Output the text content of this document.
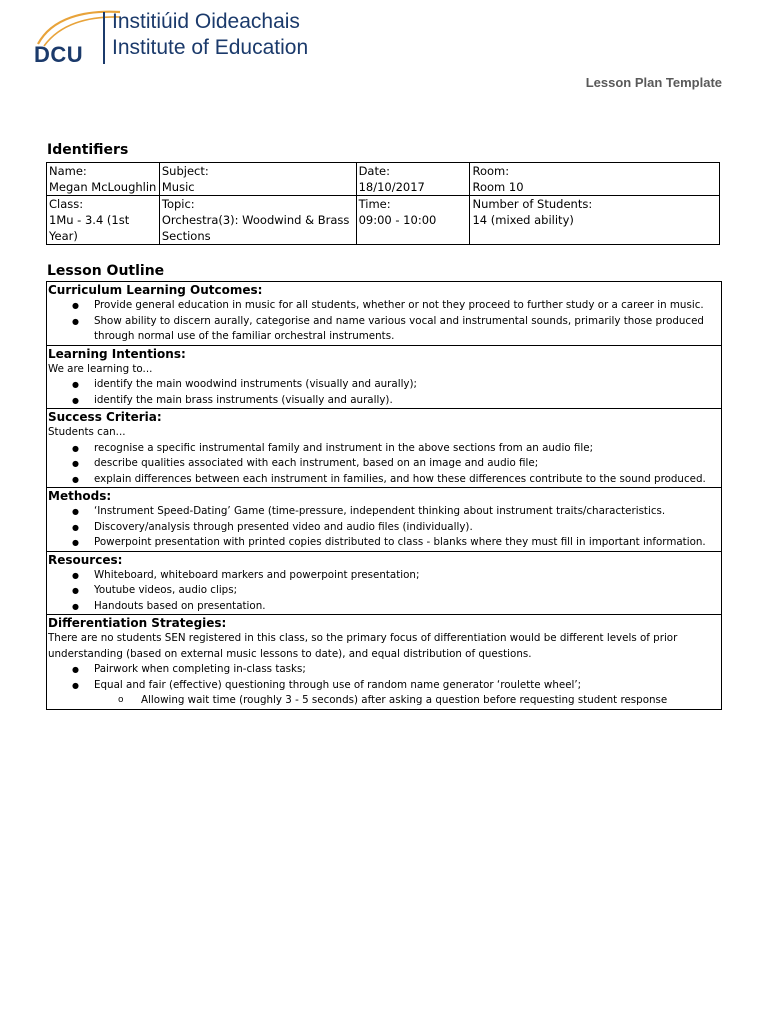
DCU
Institiúid Oideachais
Institute of Education
Lesson Plan Template
Identifiers
Name:
Megan McLoughlin	Subject:
Music	Date:
18/10/2017	Room:
Room 10

Class:
1Mu - 3.4 (1st Year)	Topic:
Orchestra(3): Woodwind & Brass Sections	Time:
09:00 - 10:00	Number of Students:
14 (mixed ability)
Lesson Outline
Curriculum Learning Outcomes:
● Provide general education in music for all students, whether or not they proceed to further study or a career in music.
● Show ability to discern aurally, categorise and name various vocal and instrumental sounds, primarily those produced through normal use of the familiar orchestral instruments.
Learning Intentions:
We are learning to...
● identify the main woodwind instruments (visually and aurally);
● identify the main brass instruments (visually and aurally).
Success Criteria:
Students can...
● recognise a specific instrumental family and instrument in the above sections from an audio file;
● describe qualities associated with each instrument, based on an image and audio file;
● explain differences between each instrument in families, and how these differences contribute to the sound produced.
Methods:
● ‘Instrument Speed-Dating’ Game (time-pressure, independent thinking about instrument traits/characteristics.
● Discovery/analysis through presented video and audio files (individually).
● Powerpoint presentation with printed copies distributed to class - blanks where they must fill in important information.
Resources:
● Whiteboard, whiteboard markers and powerpoint presentation;
● Youtube videos, audio clips;
● Handouts based on presentation.
Differentiation Strategies:
There are no students SEN registered in this class, so the primary focus of differentiation would be different levels of prior understanding (based on external music lessons to date), and equal distribution of questions.
● Pairwork when completing in-class tasks;
● Equal and fair (effective) questioning through use of random name generator ‘roulette wheel’;
o Allowing wait time (roughly 3 - 5 seconds) after asking a question before requesting student response
